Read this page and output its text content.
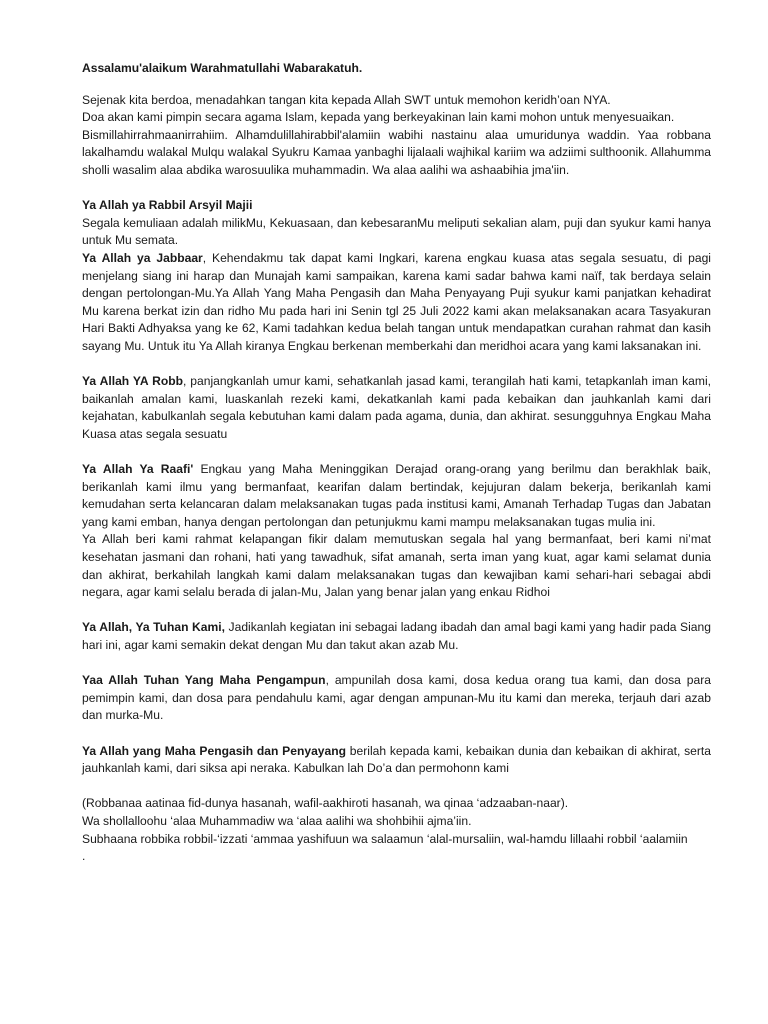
Assalamu'alaikum Warahmatullahi Wabarakatuh.

Sejenak kita berdoa, menadahkan tangan kita kepada Allah SWT untuk memohon keridh’oan NYA.

Doa akan kami pimpin secara agama Islam, kepada yang berkeyakinan lain kami mohon untuk menyesuaikan.

Bismillahirrahmaanirrahiim. Alhamdulillahirabbil'alamiin wabihi nastainu alaa umuridunya waddin. Yaa robbana lakalhamdu walakal Mulqu walakal Syukru Kamaa yanbaghi lijalaali wajhikal kariim wa adziimi sulthoonik. Allahumma sholli wasalim alaa abdika warosuulika muhammadin. Wa alaa aalihi wa ashaabihia jma'iin.

Ya Allah ya Rabbil Arsyil Majii

Segala kemuliaan adalah milikMu, Kekuasaan, dan kebesaranMu meliputi sekalian alam, puji dan syukur kami hanya untuk Mu semata.

Ya Allah ya Jabbaar, Kehendakmu tak dapat kami Ingkari, karena engkau kuasa atas segala sesuatu, di pagi menjelang siang ini harap dan Munajah kami sampaikan, karena kami sadar bahwa kami naïf, tak berdaya selain dengan pertolongan-Mu.Ya Allah Yang Maha Pengasih dan Maha Penyayang Puji syukur kami panjatkan kehadirat Mu karena berkat izin dan ridho Mu pada hari ini Senin tgl 25 Juli 2022 kami akan melaksanakan acara Tasyakuran Hari Bakti Adhyaksa yang ke 62, Kami tadahkan kedua belah tangan untuk mendapatkan curahan rahmat dan kasih sayang Mu. Untuk itu Ya Allah kiranya Engkau berkenan memberkahi dan meridhoi acara yang kami laksanakan ini.

Ya Allah YA Robb, panjangkanlah umur kami, sehatkanlah jasad kami, terangilah hati kami, tetapkanlah iman kami, baikanlah amalan kami, luaskanlah rezeki kami, dekatkanlah kami pada kebaikan dan jauhkanlah kami dari kejahatan, kabulkanlah segala kebutuhan kami dalam pada agama, dunia, dan akhirat. sesungguhnya Engkau Maha Kuasa atas segala sesuatu

Ya Allah Ya Raafi' Engkau yang Maha Meninggikan Derajad orang-orang yang berilmu dan berakhlak baik, berikanlah kami ilmu yang bermanfaat, kearifan dalam bertindak, kejujuran dalam bekerja, berikanlah kami kemudahan serta kelancaran dalam melaksanakan tugas pada institusi kami, Amanah Terhadap Tugas dan Jabatan yang kami emban, hanya dengan pertolongan dan petunjukmu kami mampu melaksanakan tugas mulia ini.

Ya Allah beri kami rahmat kelapangan fikir dalam memutuskan segala hal yang bermanfaat, beri kami ni’mat kesehatan jasmani dan rohani, hati yang tawadhuk, sifat amanah, serta iman yang kuat, agar kami selamat dunia dan akhirat, berkahilah langkah kami dalam melaksanakan tugas dan kewajiban kami sehari-hari sebagai abdi negara, agar kami selalu berada di jalan-Mu, Jalan yang benar jalan yang enkau Ridhoi

Ya Allah, Ya Tuhan Kami, Jadikanlah kegiatan ini sebagai ladang ibadah dan amal bagi kami yang hadir pada Siang hari ini, agar kami semakin dekat dengan Mu dan takut akan azab Mu.

Yaa Allah Tuhan Yang Maha Pengampun, ampunilah dosa kami, dosa kedua orang tua kami, dan dosa para pemimpin kami, dan dosa para pendahulu kami, agar dengan ampunan-Mu itu kami dan mereka, terjauh dari azab dan murka-Mu.

Ya Allah yang Maha Pengasih dan Penyayang berilah kepada kami, kebaikan dunia dan kebaikan di akhirat, serta jauhkanlah kami, dari siksa api neraka. Kabulkan lah Do’a dan permohonn kami

(Robbanaa aatinaa fid-dunya hasanah, wafil-aakhiroti hasanah, wa qinaa ‘adzaaban-naar).

Wa shollalloohu ‘alaa Muhammadiw wa ‘alaa aalihi wa shohbihii ajma’iin.

Subhaana robbika robbil-‘izzati ‘ammaa yashifuun wa salaamun ‘alal-mursaliin, wal-hamdu lillaahi robbil ‘aalamiin

.
